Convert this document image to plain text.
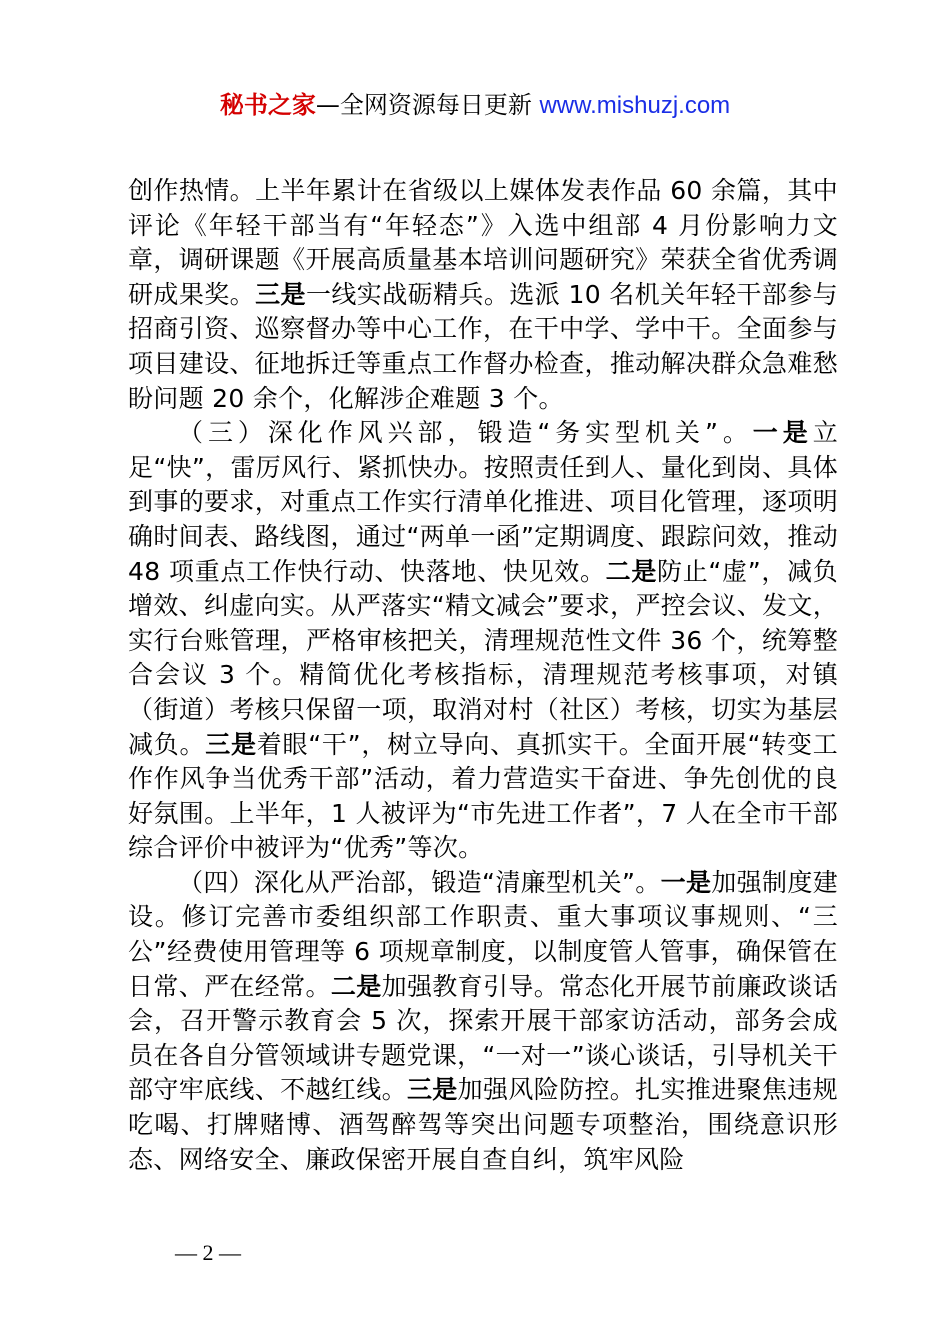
秘书之家—全网资源每日更新 www.mishuzj.com

创作热情。上半年累计在省级以上媒体发表作品 60 余篇，其中评论《年轻干部当有“年轻态”》入选中组部 4 月份影响力文章，调研课题《开展高质量基本培训问题研究》荣获全省优秀调研成果奖。三是一线实战砺精兵。选派 10 名机关年轻干部参与招商引资、巡察督办等中心工作，在干中学、学中干。全面参与项目建设、征地拆迁等重点工作督办检查，推动解决群众急难愁盼问题 20 余个，化解涉企难题 3 个。

（三）深化作风兴部，锻造“务实型机关”。一是立足“快”，雷厉风行、紧抓快办。按照责任到人、量化到岗、具体到事的要求，对重点工作实行清单化推进、项目化管理，逐项明确时间表、路线图，通过“两单一函”定期调度、跟踪问效，推动 48 项重点工作快行动、快落地、快见效。二是防止“虚”，减负增效、纠虚向实。从严落实“精文减会”要求，严控会议、发文，实行台账管理，严格审核把关，清理规范性文件 36 个，统筹整合会议 3 个。精简优化考核指标，清理规范考核事项，对镇（街道）考核只保留一项，取消对村（社区）考核，切实为基层减负。三是着眼“干”，树立导向、真抓实干。全面开展“转变工作作风争当优秀干部”活动，着力营造实干奋进、争先创优的良好氛围。上半年，1 人被评为“市先进工作者”，7 人在全市干部综合评价中被评为“优秀”等次。

（四）深化从严治部，锻造“清廉型机关”。一是加强制度建设。修订完善市委组织部工作职责、重大事项议事规则、“三公”经费使用管理等 6 项规章制度，以制度管人管事，确保管在日常、严在经常。二是加强教育引导。常态化开展节前廉政谈话会，召开警示教育会 5 次，探索开展干部家访活动，部务会成员在各自分管领域讲专题党课，“一对一”谈心谈话，引导机关干部守牢底线、不越红线。三是加强风险防控。扎实推进聚焦违规吃喝、打牌赌博、酒驾醉驾等突出问题专项整治，围绕意识形态、网络安全、廉政保密开展自查自纠，筑牢风险

— 2 —
